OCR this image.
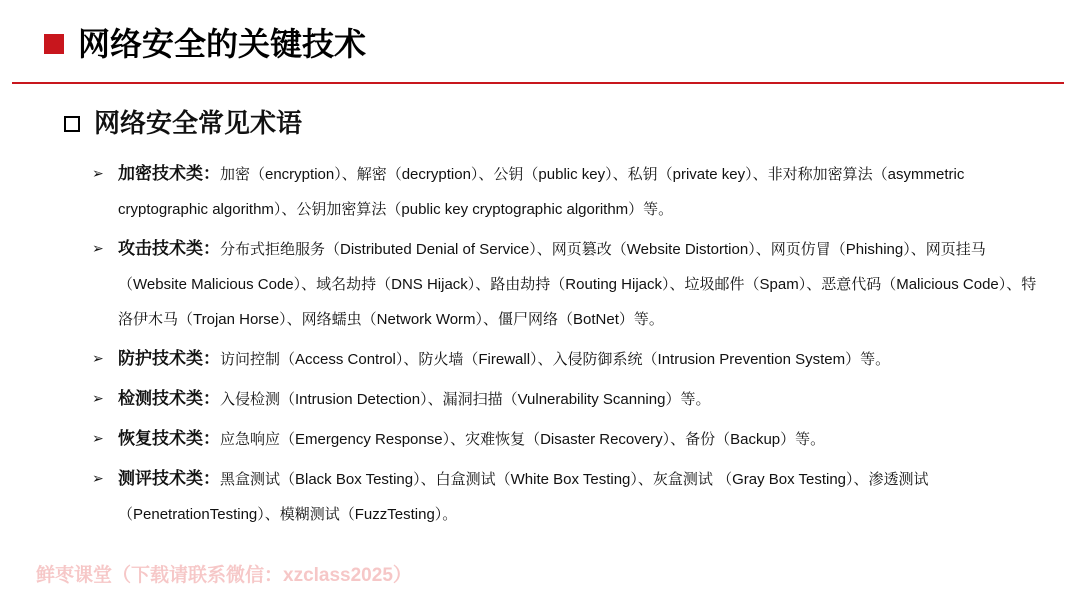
网络安全的关键技术
网络安全常见术语
➢ 加密技术类：加密（encryption）、解密（decryption）、公钥（public key）、私钥（private key）、非对称加密算法（asymmetric cryptographic algorithm）、公钥加密算法（public key cryptographic algorithm）等。
➢ 攻击技术类：分布式拒绝服务（Distributed Denial of Service）、网页篡改（Website Distortion）、网页仿冒（Phishing）、网页挂马（Website Malicious Code）、域名劫持（DNS Hijack）、路由劫持（Routing Hijack）、垃圾邮件（Spam）、恶意代码（Malicious Code）、特洛伊木马（Trojan Horse）、网络蠕虫（Network Worm）、僵尸网络（BotNet）等。
➢ 防护技术类：访问控制（Access Control）、防火墙（Firewall）、入侵防御系统（Intrusion Prevention System）等。
➢ 检测技术类：入侵检测（Intrusion Detection）、漏洞扫描（Vulnerability Scanning）等。
➢ 恢复技术类：应急响应（Emergency Response）、灾难恢复（Disaster Recovery）、备份（Backup）等。
➢ 测评技术类：黑盒测试（Black Box Testing）、白盒测试（White Box Testing）、灰盒测试 （Gray Box Testing）、渗透测试（PenetrationTesting）、模糊测试（FuzzTesting）。
鲜枣课堂（下载请联系微信：xzclass2025）
